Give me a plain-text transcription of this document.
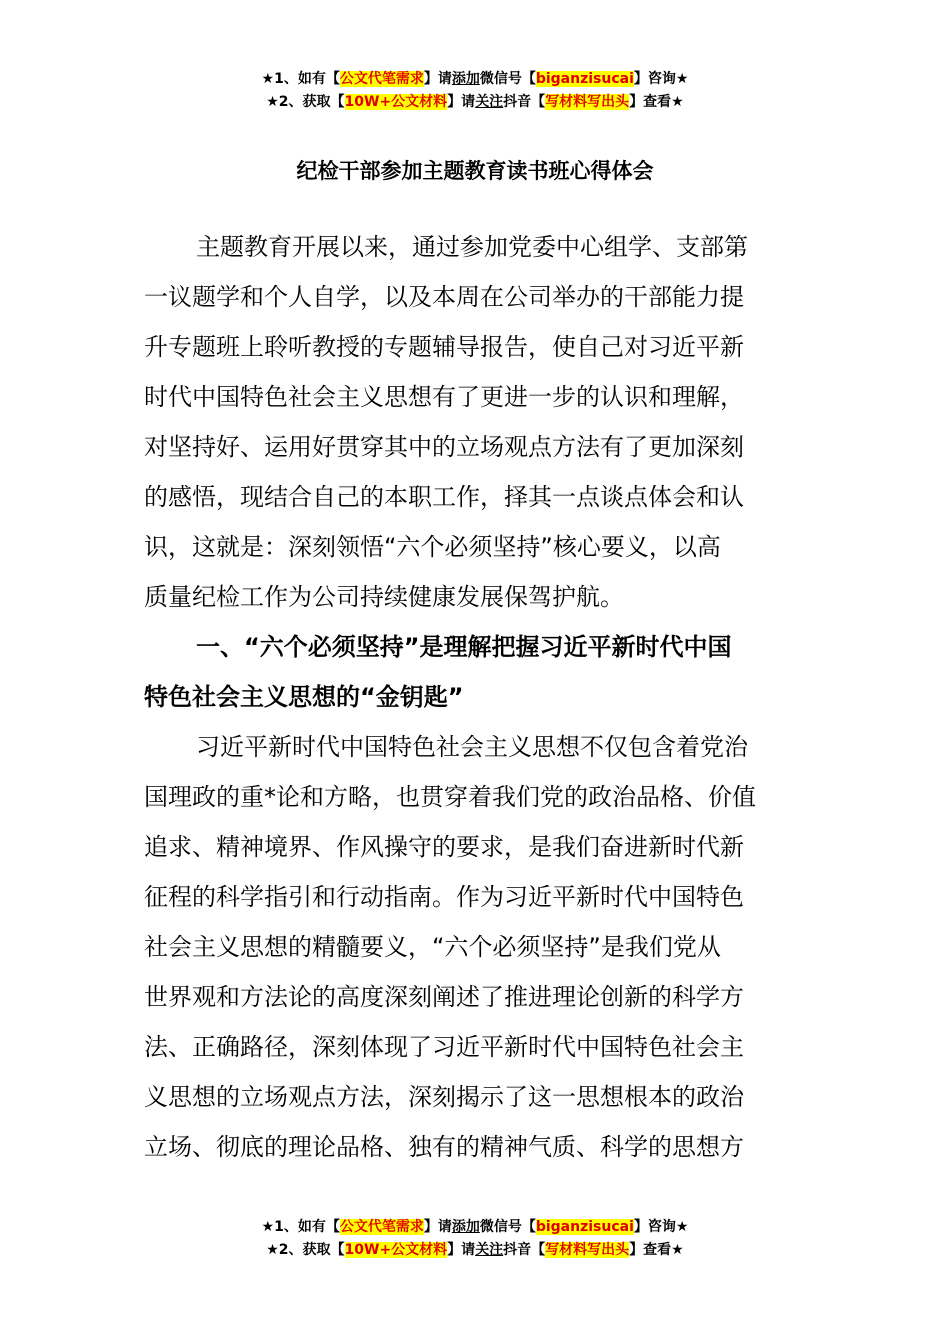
★1、如有【公文代笔需求】请添加微信号【biganzisucai】咨询★
★2、获取【10W+公文材料】请关注抖音【写材料写出头】查看★
纪检干部参加主题教育读书班心得体会
主题教育开展以来，通过参加党委中心组学、支部第
一议题学和个人自学，以及本周在公司举办的干部能力提
升专题班上聆听教授的专题辅导报告，使自己对习近平新
时代中国特色社会主义思想有了更进一步的认识和理解，
对坚持好、运用好贯穿其中的立场观点方法有了更加深刻
的感悟，现结合自己的本职工作，择其一点谈点体会和认
识，这就是：深刻领悟“六个必须坚持”核心要义，以高
质量纪检工作为公司持续健康发展保驾护航。
一、“六个必须坚持”是理解把握习近平新时代中国
特色社会主义思想的“金钥匙”
习近平新时代中国特色社会主义思想不仅包含着党治
国理政的重*论和方略，也贯穿着我们党的政治品格、价值
追求、精神境界、作风操守的要求，是我们奋进新时代新
征程的科学指引和行动指南。作为习近平新时代中国特色
社会主义思想的精髓要义，“六个必须坚持”是我们党从
世界观和方法论的高度深刻阐述了推进理论创新的科学方
法、正确路径，深刻体现了习近平新时代中国特色社会主
义思想的立场观点方法，深刻揭示了这一思想根本的政治
立场、彻底的理论品格、独有的精神气质、科学的思想方
★1、如有【公文代笔需求】请添加微信号【biganzisucai】咨询★
★2、获取【10W+公文材料】请关注抖音【写材料写出头】查看★
